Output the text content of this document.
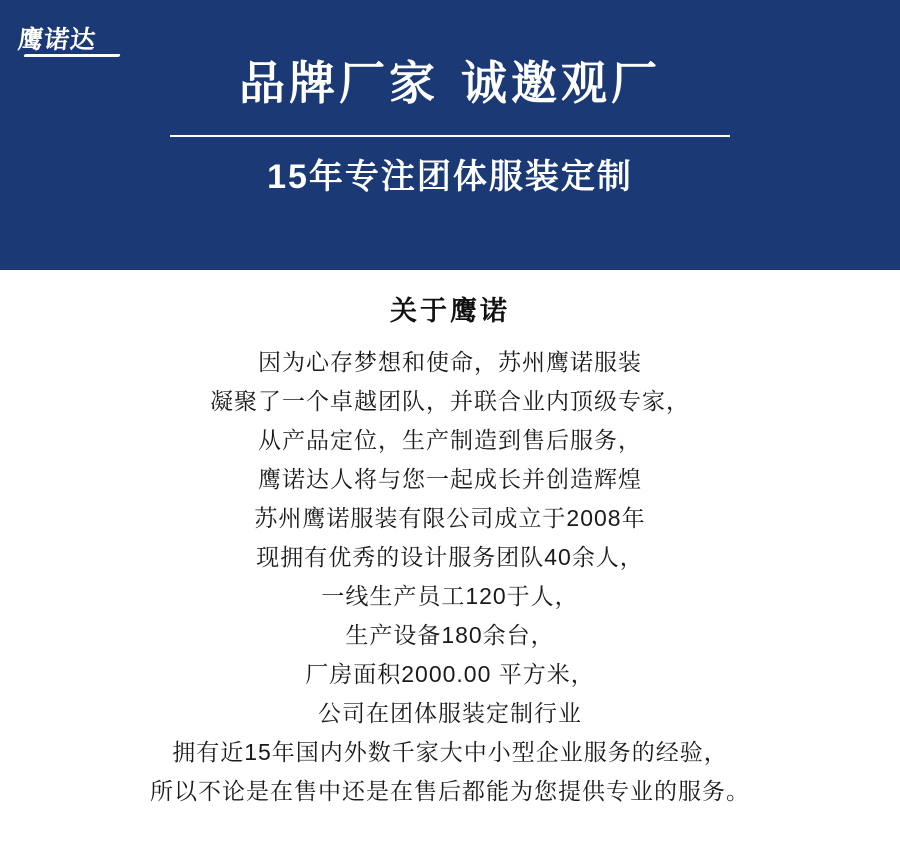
鹰诺达
品牌厂家 诚邀观厂
15年专注团体服装定制
关于鹰诺
因为心存梦想和使命，苏州鹰诺服装
凝聚了一个卓越团队，并联合业内顶级专家，
从产品定位，生产制造到售后服务，
鹰诺达人将与您一起成长并创造辉煌
苏州鹰诺服装有限公司成立于2008年
现拥有优秀的设计服务团队40余人，
一线生产员工120于人，
生产设备180余台，
厂房面积2000.00 平方米，
公司在团体服装定制行业
拥有近15年国内外数千家大中小型企业服务的经验，
所以不论是在售中还是在售后都能为您提供专业的服务。
